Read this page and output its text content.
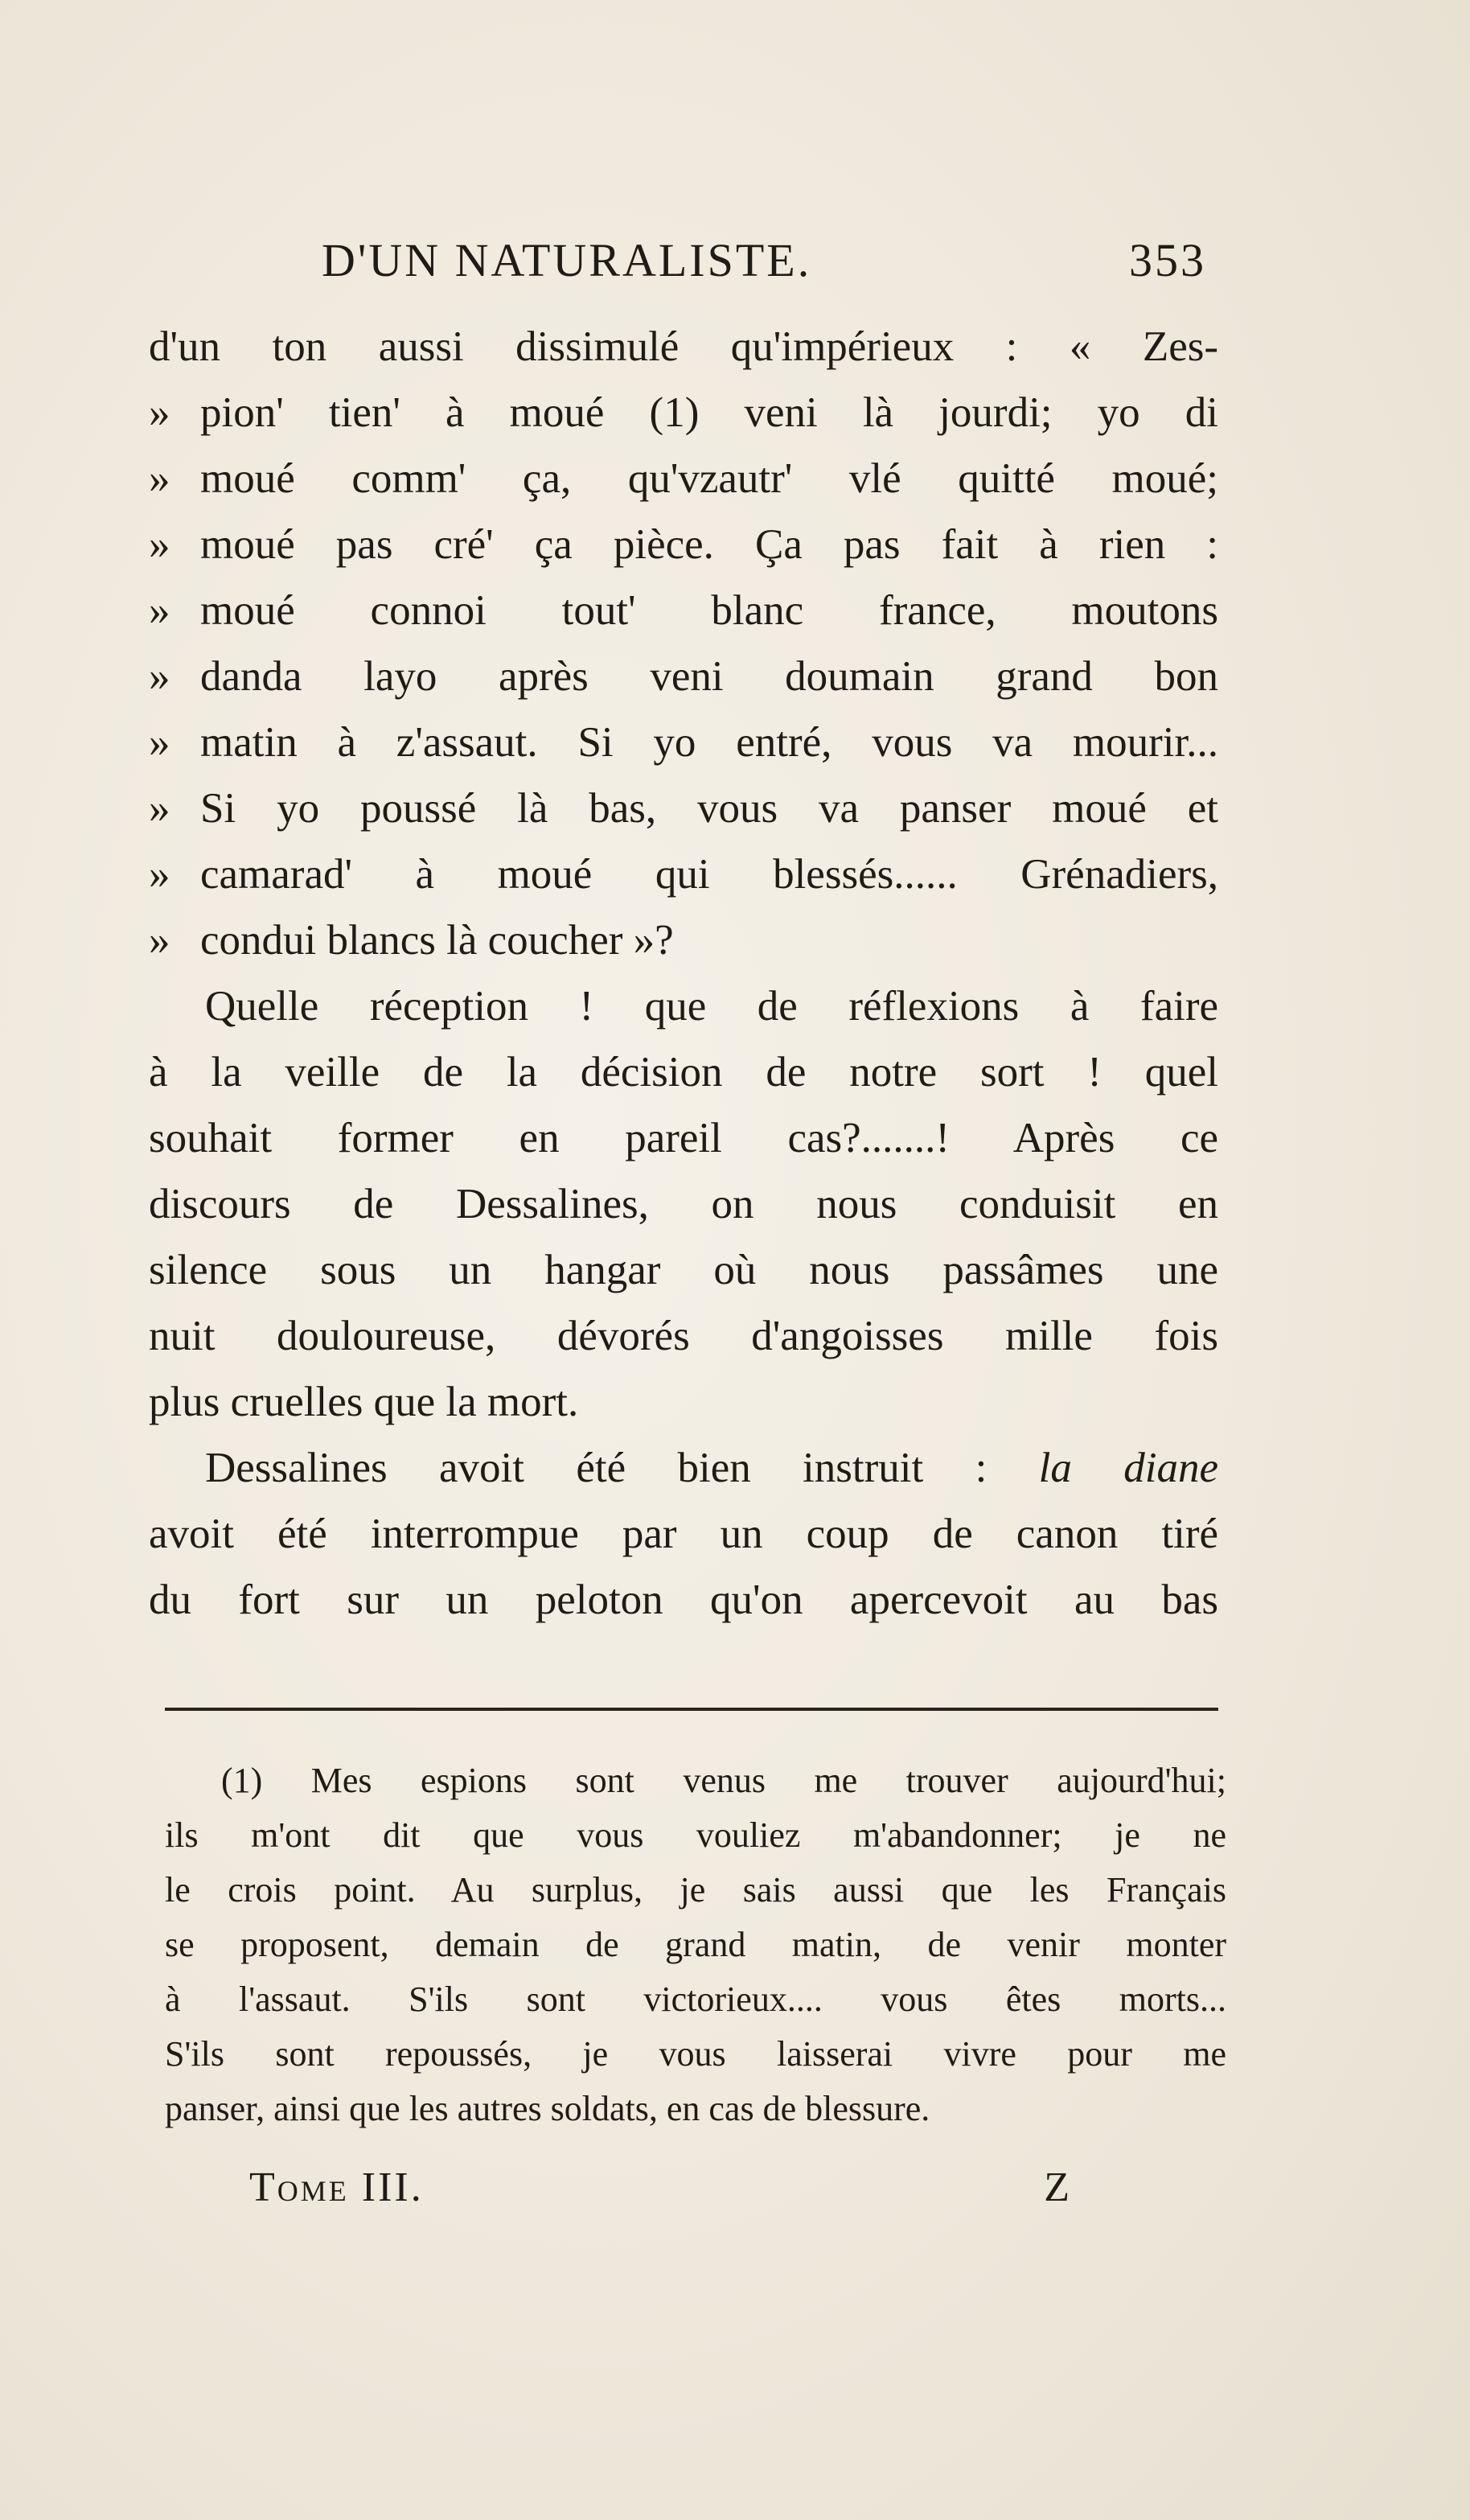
D'UN NATURALISTE.	353
d'un ton aussi dissimulé qu'impérieux : « Zes-
» pion' tien' à moué (1) veni là jourdi; yo di
» moué comm' ça, qu'vzautr' vlé quitté moué;
» moué pas cré' ça pièce. Ça pas fait à rien :
» moué connoi tout' blanc france, moutons
» danda layo après veni doumain grand bon
» matin à z'assaut. Si yo entré, vous va mourir...
» Si yo poussé là bas, vous va panser moué et
» camarad' à moué qui blessés...... Grénadiers,
» condui blancs là coucher »?
Quelle réception ! que de réflexions à faire
à la veille de la décision de notre sort ! quel
souhait former en pareil cas?.......! Après ce
discours de Dessalines, on nous conduisit en
silence sous un hangar où nous passâmes une
nuit douloureuse, dévorés d'angoisses mille fois
plus cruelles que la mort.
Dessalines avoit été bien instruit : la diane
avoit été interrompue par un coup de canon tiré
du fort sur un peloton qu'on apercevoit au bas
(1) Mes espions sont venus me trouver aujourd'hui;
ils m'ont dit que vous vouliez m'abandonner; je ne
le crois point. Au surplus, je sais aussi que les Français
se proposent, demain de grand matin, de venir monter
à l'assaut. S'ils sont victorieux.... vous êtes morts...
S'ils sont repoussés, je vous laisserai vivre pour me
panser, ainsi que les autres soldats, en cas de blessure.
Tome III.	Z
